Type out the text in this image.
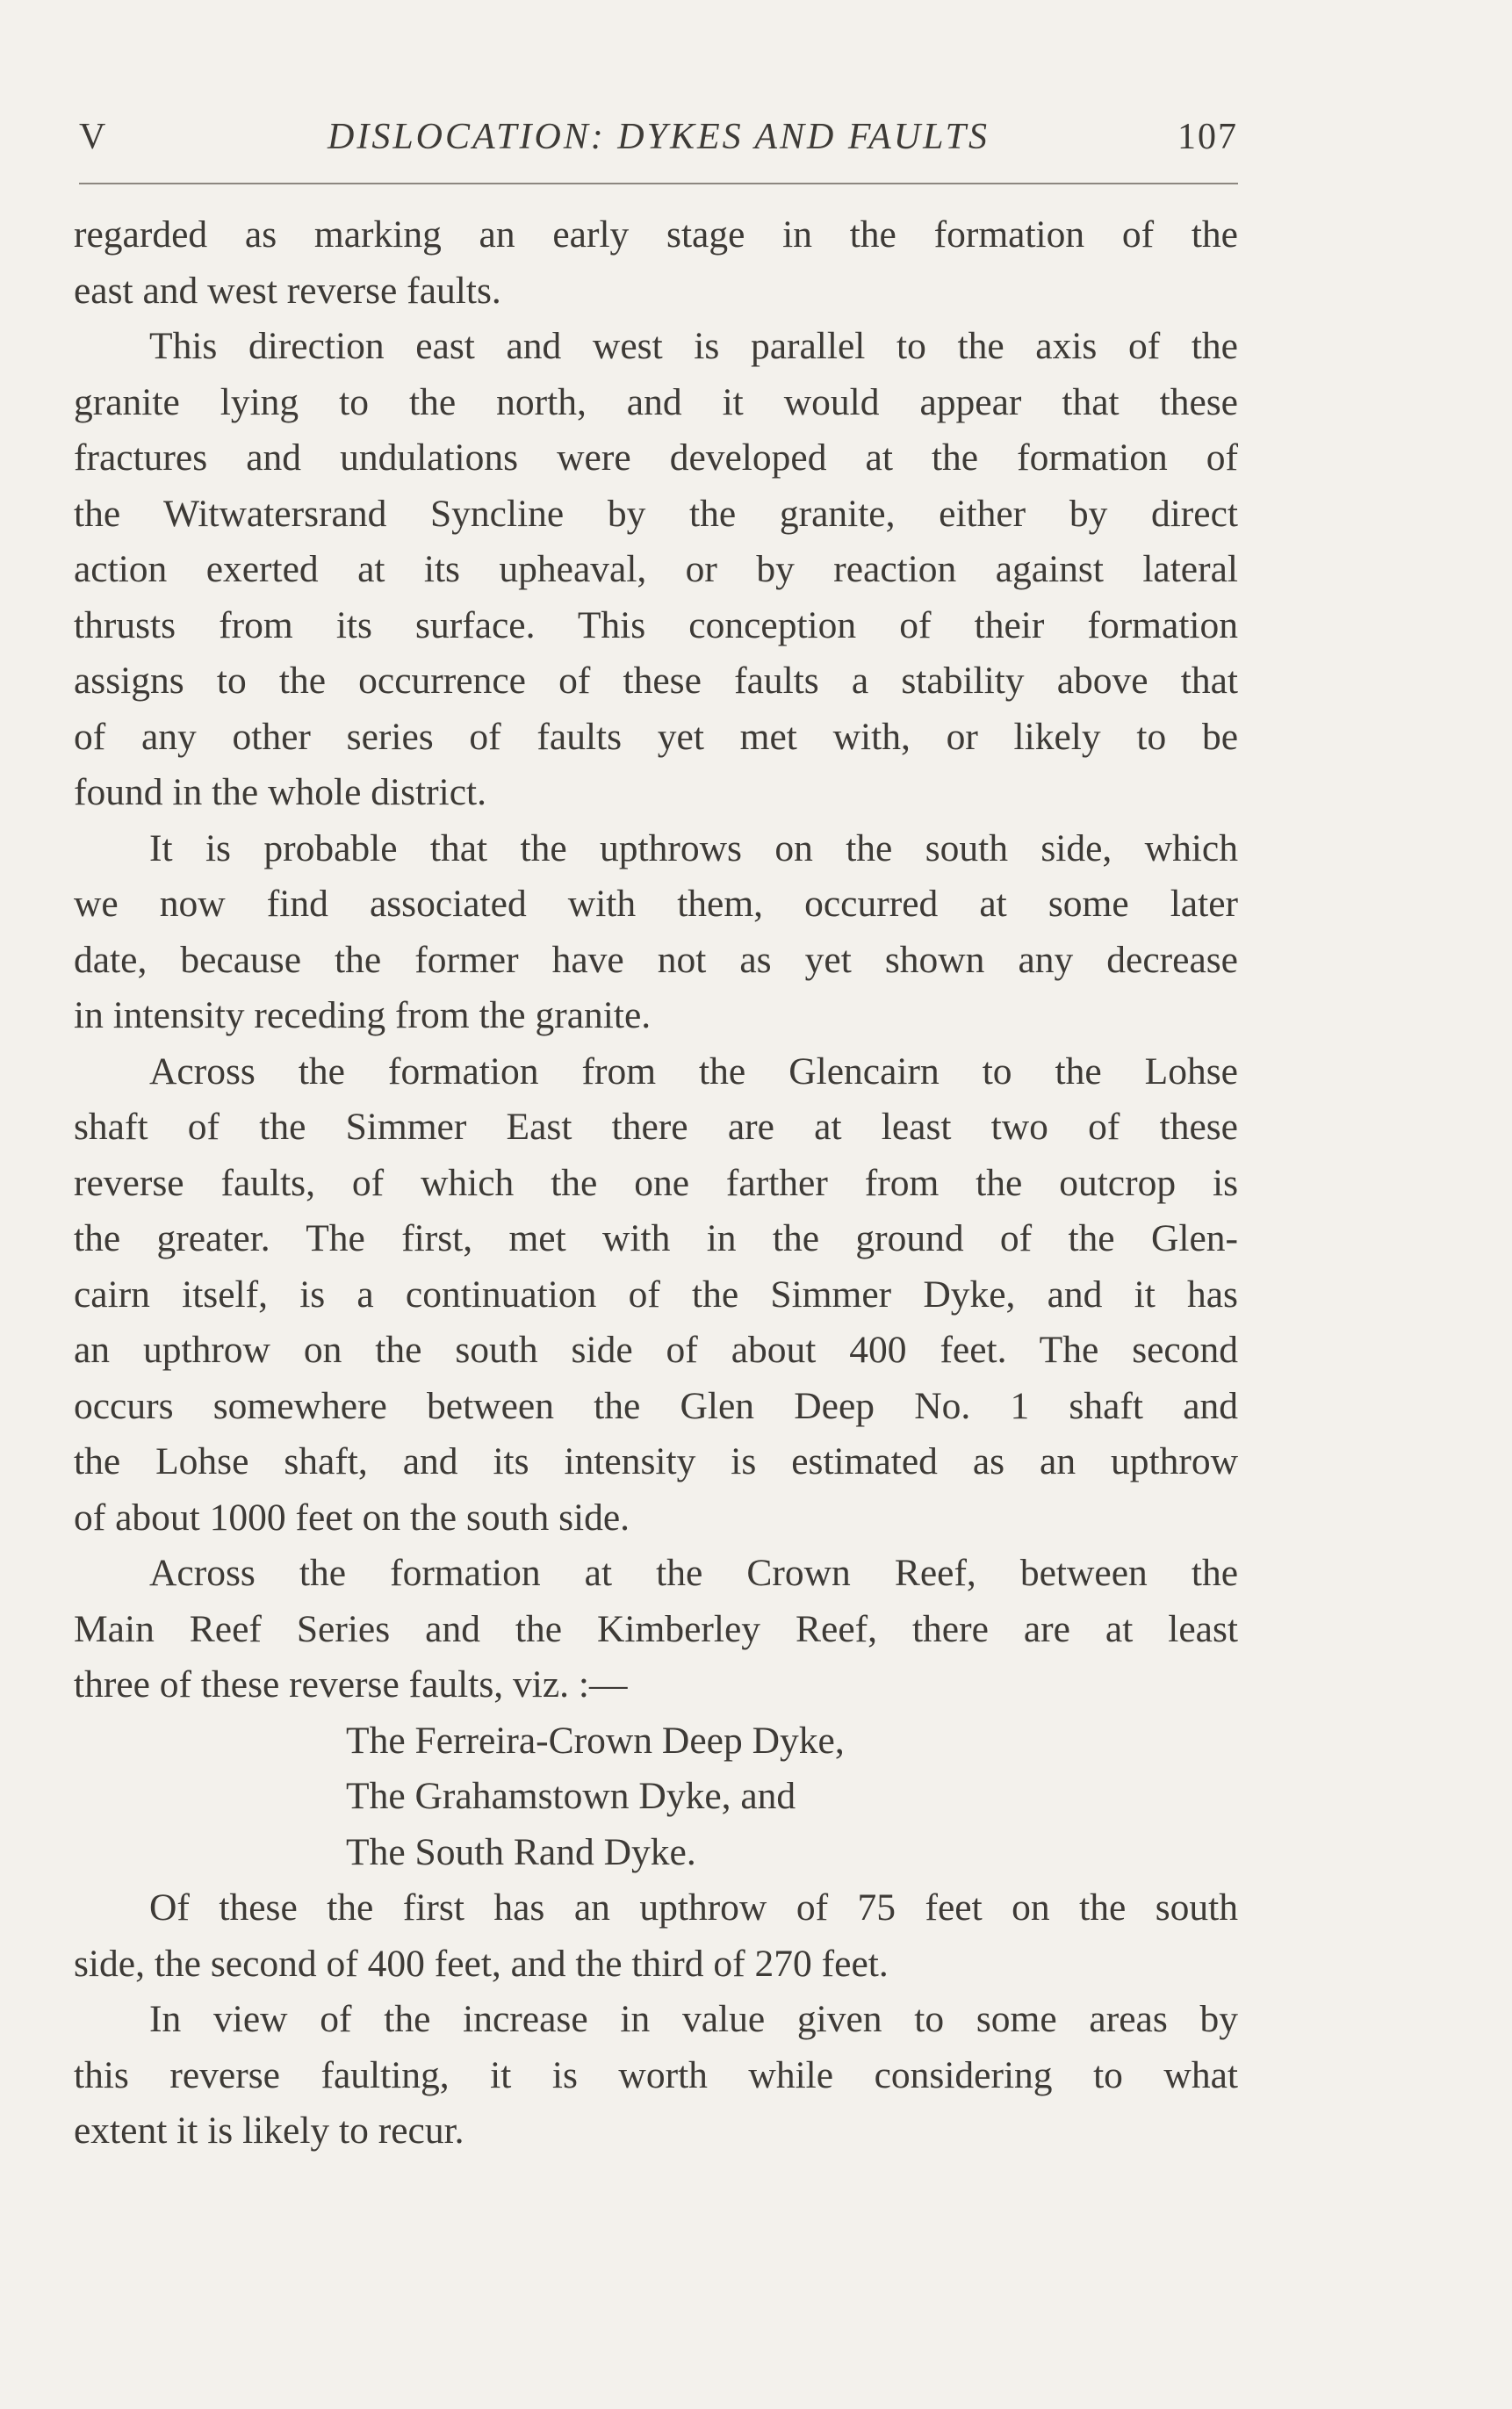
V	DISLOCATION: DYKES AND FAULTS	107
regarded as marking an early stage in the formation of the
east and west reverse faults.
This direction east and west is parallel to the axis of the
granite lying to the north, and it would appear that these
fractures and undulations were developed at the formation of
the Witwatersrand Syncline by the granite, either by direct
action exerted at its upheaval, or by reaction against lateral
thrusts from its surface. This conception of their formation
assigns to the occurrence of these faults a stability above that
of any other series of faults yet met with, or likely to be
found in the whole district.
It is probable that the upthrows on the south side, which
we now find associated with them, occurred at some later
date, because the former have not as yet shown any decrease
in intensity receding from the granite.
Across the formation from the Glencairn to the Lohse
shaft of the Simmer East there are at least two of these
reverse faults, of which the one farther from the outcrop is
the greater. The first, met with in the ground of the Glen-
cairn itself, is a continuation of the Simmer Dyke, and it has
an upthrow on the south side of about 400 feet. The second
occurs somewhere between the Glen Deep No. 1 shaft and
the Lohse shaft, and its intensity is estimated as an upthrow
of about 1000 feet on the south side.
Across the formation at the Crown Reef, between the
Main Reef Series and the Kimberley Reef, there are at least
three of these reverse faults, viz. :—
The Ferreira-Crown Deep Dyke,
The Grahamstown Dyke, and
The South Rand Dyke.
Of these the first has an upthrow of 75 feet on the south
side, the second of 400 feet, and the third of 270 feet.
In view of the increase in value given to some areas by
this reverse faulting, it is worth while considering to what
extent it is likely to recur.
